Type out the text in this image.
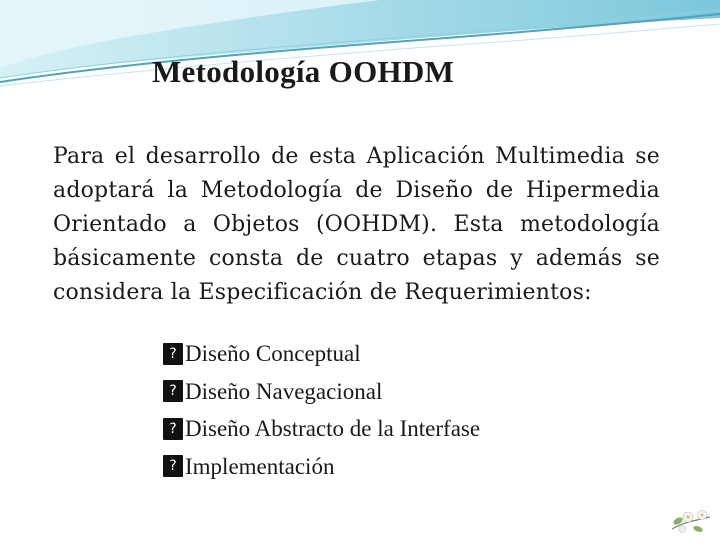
Metodología OOHDM
Para el desarrollo de esta Aplicación Multimedia se adoptará la Metodología de Diseño de Hipermedia Orientado a Objetos (OOHDM). Esta metodología básicamente consta de cuatro etapas y además se considera la Especificación de Requerimientos:
? Diseño Conceptual
? Diseño Navegacional
? Diseño Abstracto de la Interfase
? Implementación
